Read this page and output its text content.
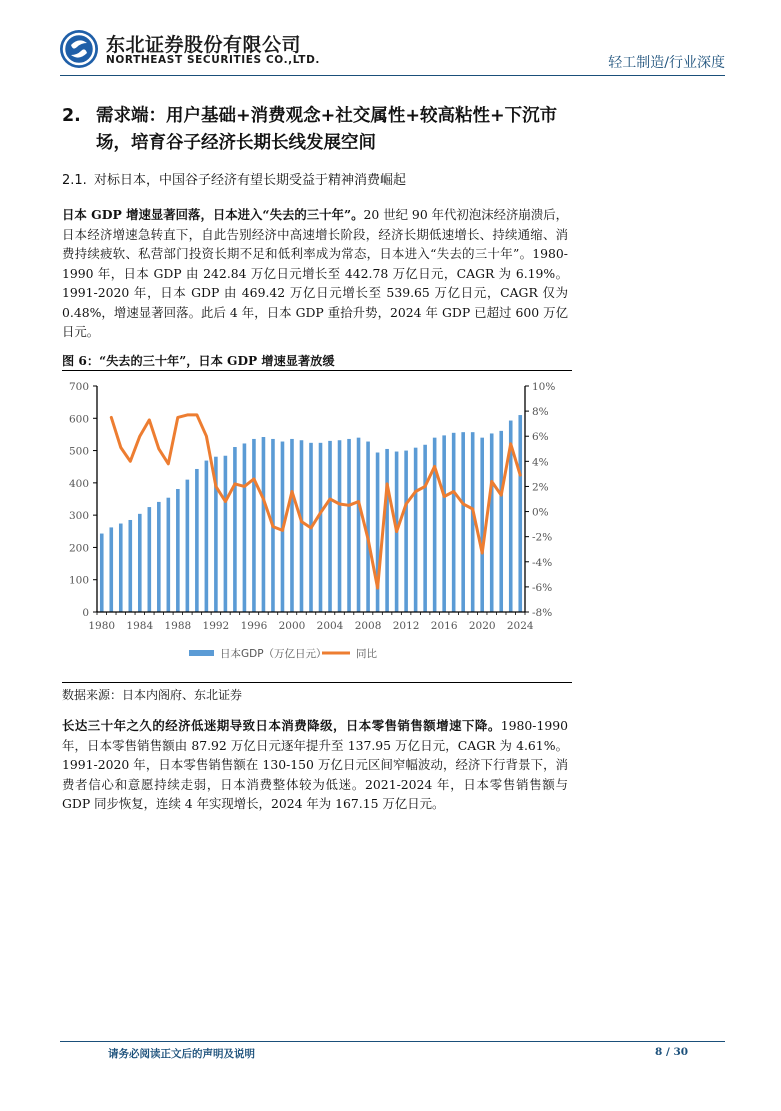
东北证券股份有限公司
NORTHEAST SECURITIES CO.,LTD.	轻工制造/行业深度
2. 需求端：用户基础+消费观念+社交属性+较高粘性+下沉市
场，培育谷子经济长期长线发展空间
2.1. 对标日本，中国谷子经济有望长期受益于精神消费崛起
日本 GDP 增速显著回落，日本进入“失去的三十年”。20 世纪 90 年代初泡沫经济崩溃后，日本经济增速急转直下，自此告别经济中高速增长阶段，经济长期低速增长、持续通缩、消费持续疲软、私营部门投资长期不足和低利率成为常态，日本进入“失去的三十年”。1980-1990 年，日本 GDP 由 242.84 万亿日元增长至 442.78 万亿日元，CAGR 为 6.19%。1991-2020 年，日本 GDP 由 469.42 万亿日元增长至 539.65 万亿日元，CAGR 仅为 0.48%，增速显著回落。此后 4 年，日本 GDP 重拾升势，2024 年 GDP 已超过 600 万亿日元。
图 6：“失去的三十年”，日本 GDP 增速显著放缓
0
100
200
300
400
500
600
700
-8%
-6%
-4%
-2%
0%
2%
4%
6%
8%
10%
1980 1984 1988 1992 1996 2000 2004 2008 2012 2016 2020 2024
日本GDP（万亿日元）	同比
数据来源：日本内阁府、东北证券
长达三十年之久的经济低迷期导致日本消费降级，日本零售销售额增速下降。1980-1990 年，日本零售销售额由 87.92 万亿日元逐年提升至 137.95 万亿日元，CAGR 为 4.61%。1991-2020 年，日本零售销售额在 130-150 万亿日元区间窄幅波动，经济下行背景下，消费者信心和意愿持续走弱，日本消费整体较为低迷。2021-2024 年，日本零售销售额与 GDP 同步恢复，连续 4 年实现增长，2024 年为 167.15 万亿日元。
请务必阅读正文后的声明及说明	8 / 30
